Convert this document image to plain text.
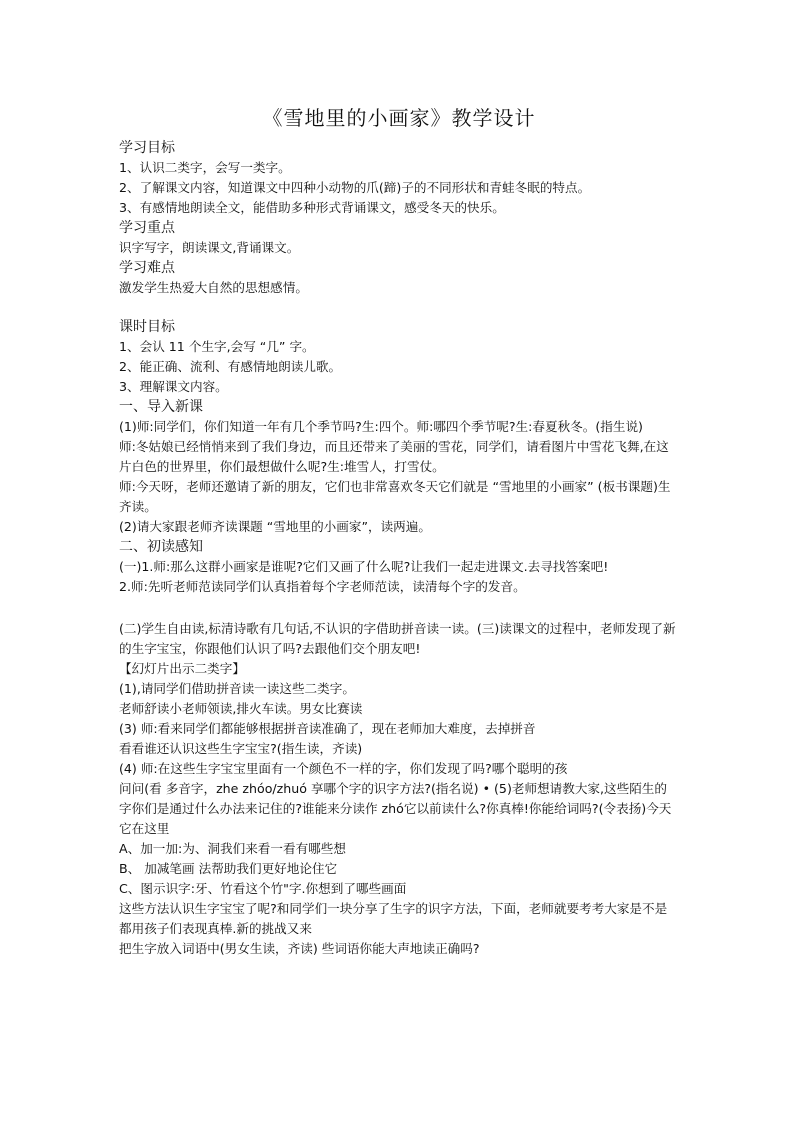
《雪地里的小画家》教学设计
学习目标
1、认识二类字，会写一类字。
2、了解课文内容，知道课文中四种小动物的爪(蹄)子的不同形状和青蛙冬眠的特点。
3、有感情地朗读全文，能借助多种形式背诵课文，感受冬天的快乐。
学习重点
识字写字，朗读课文,背诵课文。
学习难点
激发学生热爱大自然的思想感情。
课时目标
1、会认 11 个生字,会写 “几” 字。
2、能正确、流利、有感情地朗读儿歌。
3、理解课文内容。
一、导入新课
(1)师:同学们，你们知道一年有几个季节吗?生:四个。师:哪四个季节呢?生:春夏秋冬。(指生说)
师:冬姑娘已经悄悄来到了我们身边，而且还带来了美丽的雪花，同学们，请看图片中雪花飞舞,在这片白色的世界里，你们最想做什么呢?生:堆雪人，打雪仗。
师:今天呀，老师还邀请了新的朋友，它们也非常喜欢冬天它们就是 “雪地里的小画家” (板书课题)生齐读。
(2)请大家跟老师齐读课题 “雪地里的小画家”，读两遍。
二、初读感知
(一)1.师:那么这群小画家是谁呢?它们又画了什么呢?让我们一起走进课文.去寻找答案吧!
2.师:先听老师范读同学们认真指着每个字老师范读，读清每个字的发音。
(二)学生自由读,标清诗歌有几句话,不认识的字借助拼音读一读。(三)读课文的过程中，老师发现了新的生字宝宝，你跟他们认识了吗?去跟他们交个朋友吧!
【幻灯片出示二类字】
(1),请同学们借助拼音读一读这些二类字。
老师舒读小老师领读,排火车读。男女比赛读
(3) 师:看来同学们都能够根据拼音读准确了，现在老师加大难度，去掉拼音
看看谁还认识这些生字宝宝?(指生读，齐读)
(4) 师:在这些生字宝宝里面有一个颜色不一样的字，你们发现了吗?哪个聪明的孩
问问(看 多音字，zhe zhóo/zhuó 享哪个字的识字方法?(指名说) • (5)老师想请教大家,这些陌生的字你们是通过什么办法来记住的?谁能来分读作 zhó它以前读什么?你真棒!你能给词吗?(令表扬)今天它在这里
A、加一加:为、洞我们来看一看有哪些想
B、 加减笔画 法帮助我们更好地论住它
C、图示识字:牙、竹看这个竹"字.你想到了哪些画面
这些方法认识生字宝宝了呢?和同学们一块分享了生字的识字方法，下面，老师就要考考大家是不是都用孩子们表现真棒.新的挑战又来
把生字放入词语中(男女生读，齐读) 些词语你能大声地读正确吗?
